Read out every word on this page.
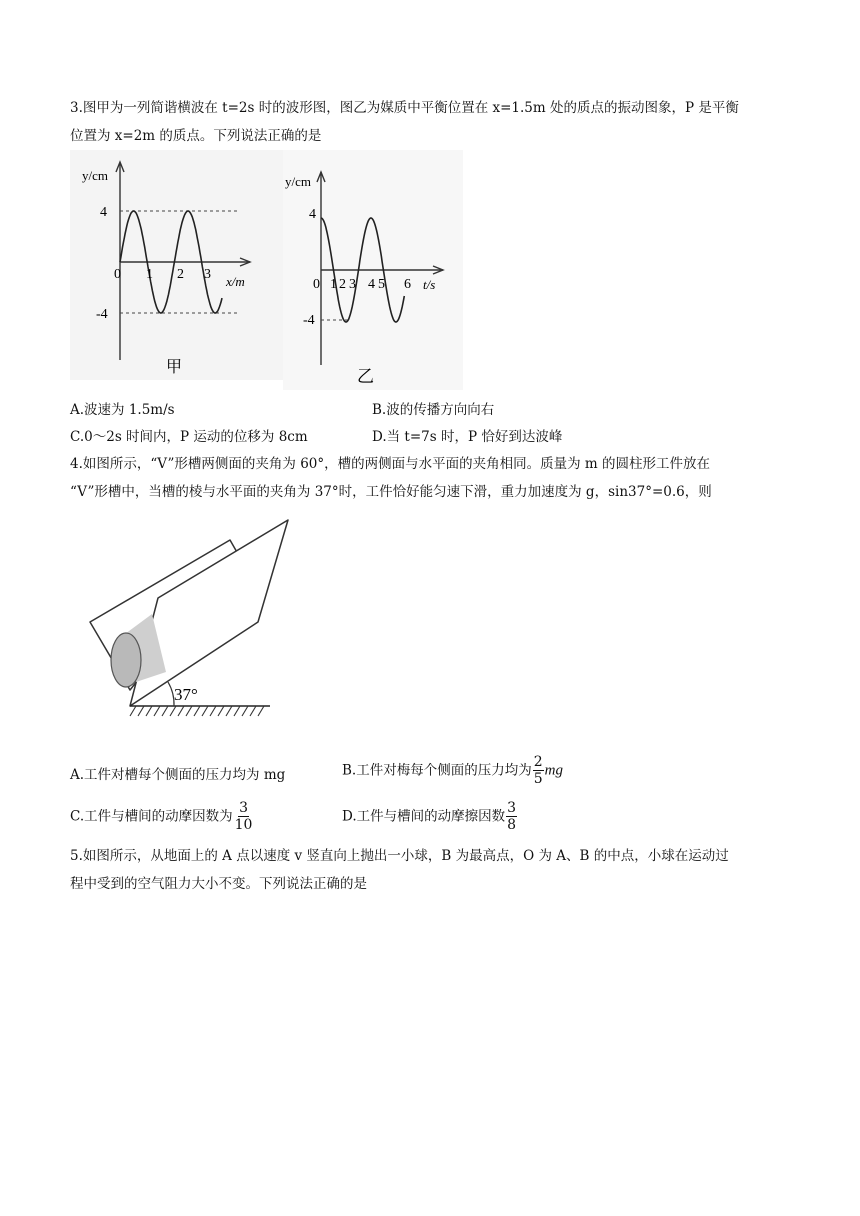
3.图甲为一列简谐横波在 t=2s 时的波形图，图乙为媒质中平衡位置在 x=1.5m 处的质点的振动图象，P 是平衡
位置为 x=2m 的质点。下列说法正确的是
y/cm
4
-4
0 1 2 3 x/m
甲
y/cm
4
-4
0 1 2 3 4 5 6 t/s
乙
A.波速为 1.5m/s	B.波的传播方向向右
C.0～2s 时间内，P 运动的位移为 8cm	D.当 t=7s 时，P 恰好到达波峰
4.如图所示，“V”形槽两侧面的夹角为 60°，槽的两侧面与水平面的夹角相同。质量为 m 的圆柱形工件放在
“V”形槽中，当槽的棱与水平面的夹角为 37°时，工件恰好能匀速下滑，重力加速度为 g，sin37°=0.6，则
37°
A.工件对槽每个侧面的压力均为 mg	B.工件对梅每个侧面的压力均为 $\frac{2}{5}$ mg
C.工件与槽间的动摩因数为 $\frac{3}{10}$	D.工件与槽间的动摩擦因数 $\frac{3}{8}$
5.如图所示，从地面上的 A 点以速度 v 竖直向上抛出一小球，B 为最高点，O 为 A、B 的中点，小球在运动过
程中受到的空气阻力大小不变。下列说法正确的是
